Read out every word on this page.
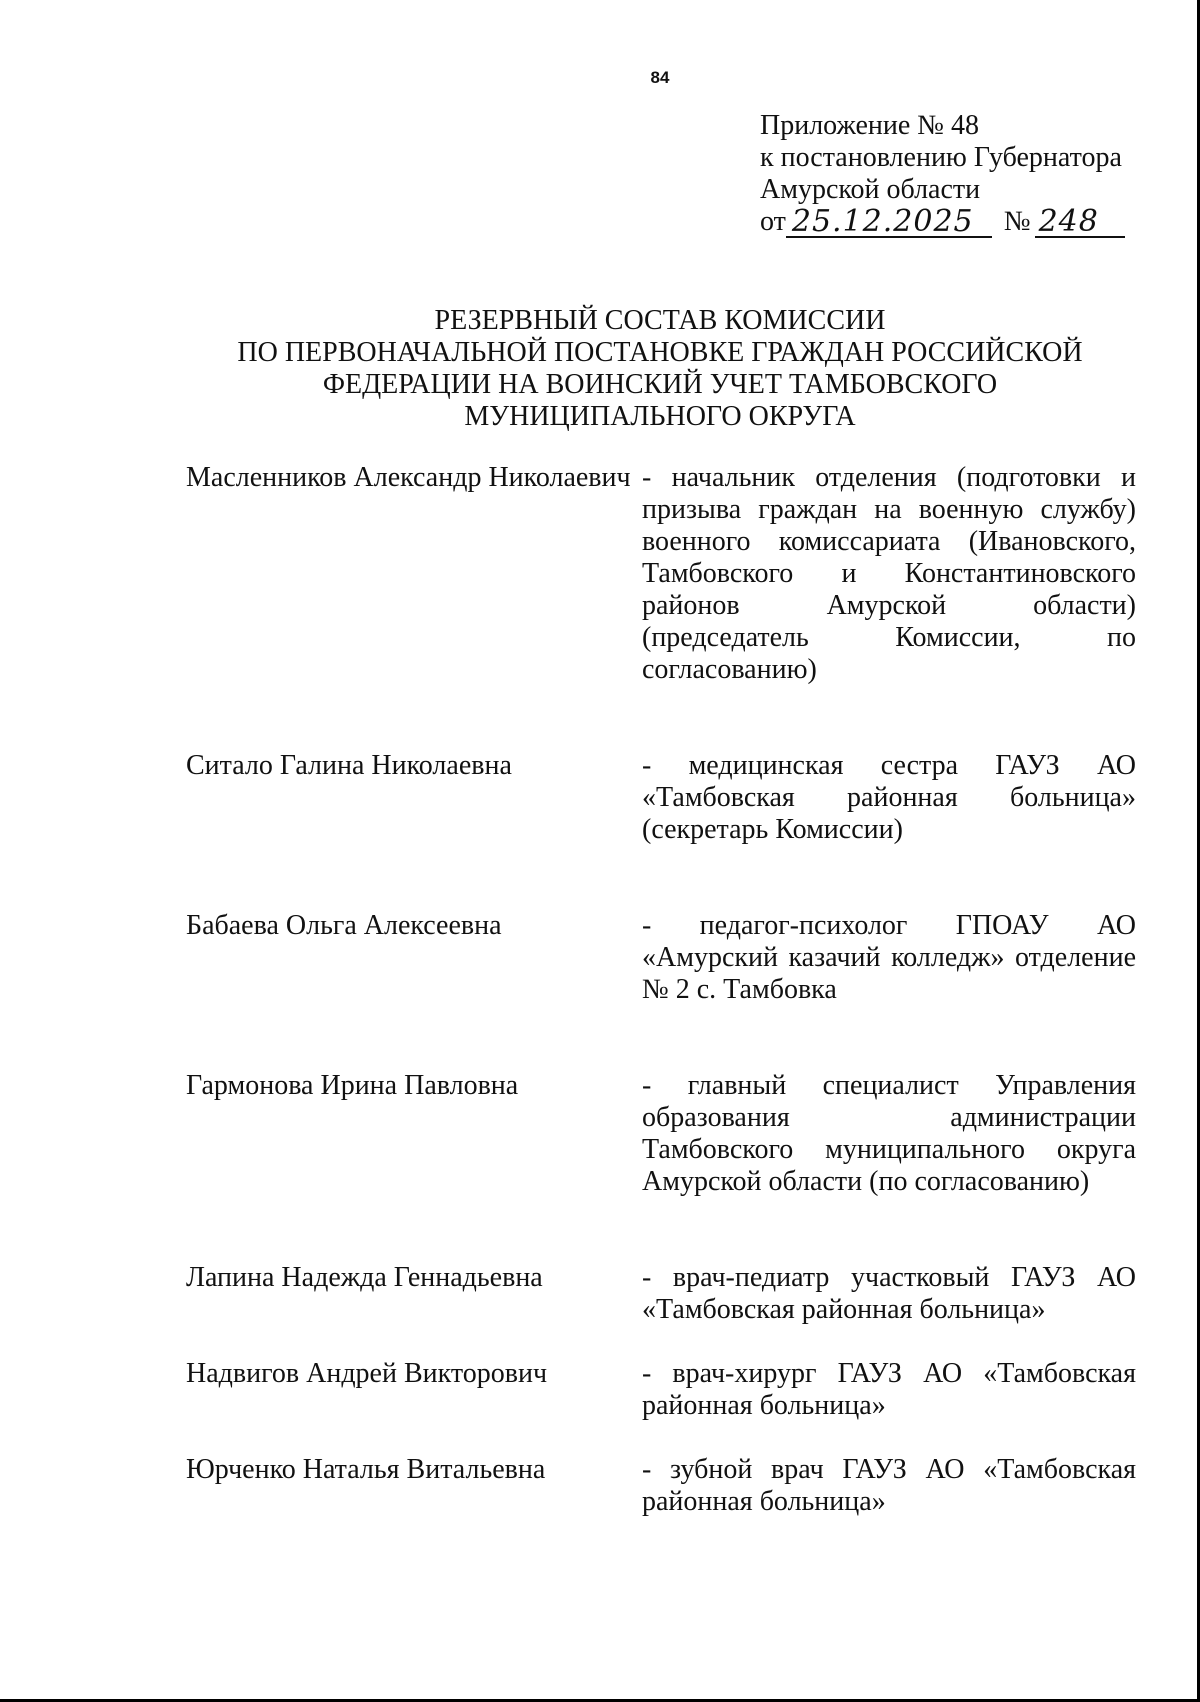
84
Приложение № 48
к постановлению Губернатора
Амурской области
от 25.12.2025	№ 248
РЕЗЕРВНЫЙ СОСТАВ КОМИССИИ
ПО ПЕРВОНАЧАЛЬНОЙ ПОСТАНОВКЕ ГРАЖДАН РОССИЙСКОЙ
ФЕДЕРАЦИИ НА ВОИНСКИЙ УЧЕТ ТАМБОВСКОГО
МУНИЦИПАЛЬНОГО ОКРУГА
Масленников Александр Николаевич - начальник отделения (подготовки и призыва граждан на военную службу) военного комиссариата (Ивановского, Тамбовского и Константиновского районов Амурской области) (председатель Комиссии, по согласованию)
Ситало Галина Николаевна	- медицинская сестра ГАУЗ АО «Тамбовская районная больница» (секретарь Комиссии)
Бабаева Ольга Алексеевна	- педагог-психолог ГПОАУ АО «Амурский казачий колледж» отделение № 2 с. Тамбовка
Гармонова Ирина Павловна	- главный специалист Управления образования администрации Тамбовского муниципального округа Амурской области (по согласованию)
Лапина Надежда Геннадьевна	- врач-педиатр участковый ГАУЗ АО «Тамбовская районная больница»
Надвигов Андрей Викторович	- врач-хирург ГАУЗ АО «Тамбовская районная больница»
Юрченко Наталья Витальевна	- зубной врач ГАУЗ АО «Тамбовская районная больница»
